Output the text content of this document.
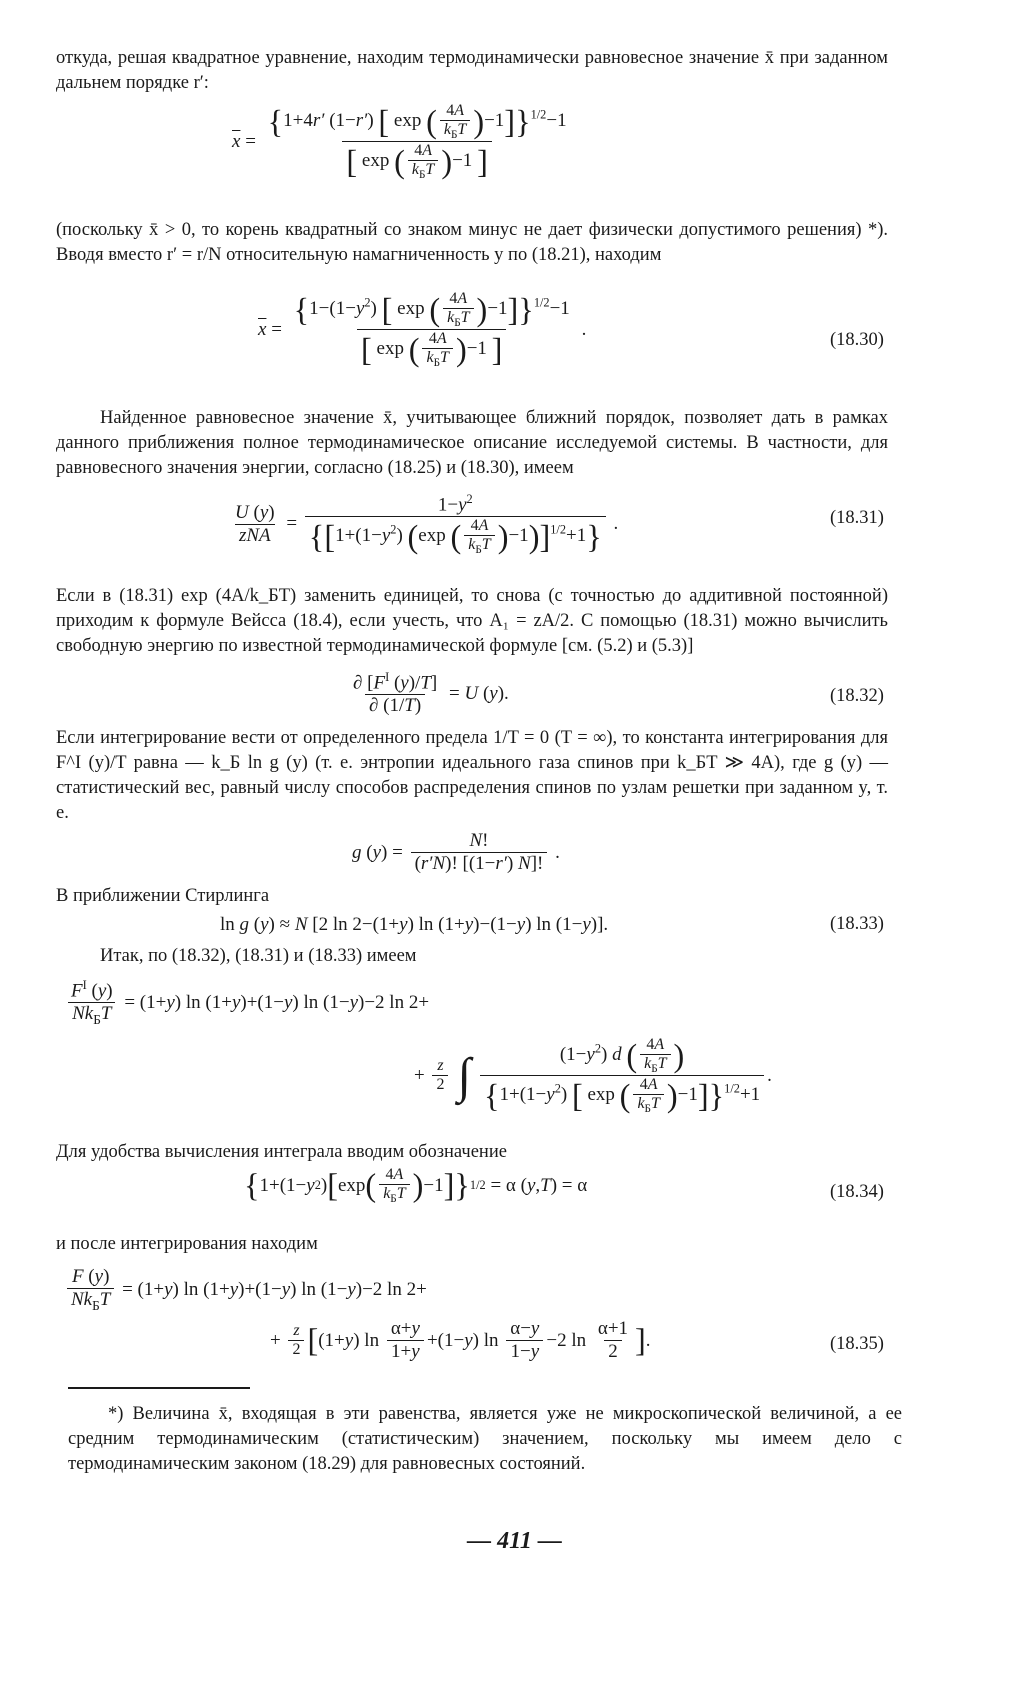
откуда, решая квадратное уравнение, находим термодинамически равновесное значение x̄ при заданном дальнем порядке r′:

$\overline{x} = \frac{\{1+4r' (1-r') [ \exp ( \frac{4A}{k_БT} )-1]\}^{1/2}-1}{[ \exp ( \frac{4A}{k_БT} )-1 ]}$

(поскольку x̄ > 0, то корень квадратный со знаком минус не дает физически допустимого решения) *). Вводя вместо r′ = r/N относительную намагниченность y по (18.21), находим

$\overline{x} = \frac{\{1-(1-y^2) [ \exp ( \frac{4A}{k_БT} )-1]\}^{1/2}-1}{[ \exp ( \frac{4A}{k_БT} )-1 ]}$ .
(18.30)

Найденное равновесное значение x̄, учитывающее ближний порядок, позволяет дать в рамках данного приближения полное термодинамическое описание исследуемой системы. В частности, для равновесного значения энергии, согласно (18.25) и (18.30), имеем

$\frac{U (y)}{\text{zNA}} = \frac{1-y^2}{\{[1+(1-y^2) (\exp ( \frac{4A}{k_БT} )-1)]^{1/2}+1\}}$ .	(18.31)

Если в (18.31) exp (4A/k_БT) заменить единицей, то снова (с точностью до аддитивной постоянной) приходим к формуле Вейсса (18.4), если учесть, что A₁ = zA/2. С помощью (18.31) можно вычислить свободную энергию по известной термодинамической формуле [см. (5.2) и (5.3)]

$\frac{\partial [F^I (y)/T]}{\partial (1/T)} = U$ ( y ).	(18.32)

Если интегрирование вести от определенного предела 1/T = 0 (T = ∞), то константа интегрирования для F^I (y)/T равна — k_Б ln g (y) (т. е. энтропии идеального газа спинов при k_БT ≫ 4A), где g (y) — статистический вес, равный числу способов распределения спинов по узлам решетки при заданном y, т. е.

g ( y ) = $\frac{N!}{(r'N)! [(1-r') N]!}$ .

В приближении Стирлинга

ln g ( y ) ≈ N [2 ln 2−(1+ y ) ln (1+ y )−(1− y ) ln (1− y )].	(18.33)

Итак, по (18.32), (18.31) и (18.33) имеем

$\frac{F^I (y)}{Nk_БT} = (1+ y$ ) ln (1+ y )+(1− y ) ln (1− y )−2 ln 2+
+ $\frac{z}{2}$ ∫ $\frac{(1-y^2) d ( \frac{4A}{k_БT} )}{\{1+(1-y^2) [ \exp ( \frac{4A}{k_БT} )-1]\}^{1/2}+1}$ .

Для удобства вычисления интеграла вводим обозначение

{ 1+(1− y 2 ) [ exp ( $\frac{4A}{k_БT}$ ) −1 ] } 1/2 = α ( y , T ) = α	(18.34)

и после интегрирования находим

$\frac{F (y)}{Nk_БT} = (1+ y$ ) ln (1+ y )+(1− y ) ln (1− y )−2 ln 2+
+ $\frac{z}{2}$ [ (1+ y ) $\ln \frac{\alpha+y}{1+y} +(1- y$ ) $\ln \frac{\alpha-y}{1-y} -2$ $\ln \frac{\alpha+1}{2}$ ] .	(18.35)

*) Величина x̄, входящая в эти равенства, является уже не микроскопической величиной, а ее средним термодинамическим (статистическим) значением, поскольку мы имеем дело с термодинамическим законом (18.29) для равновесных состояний.

— 411 —
